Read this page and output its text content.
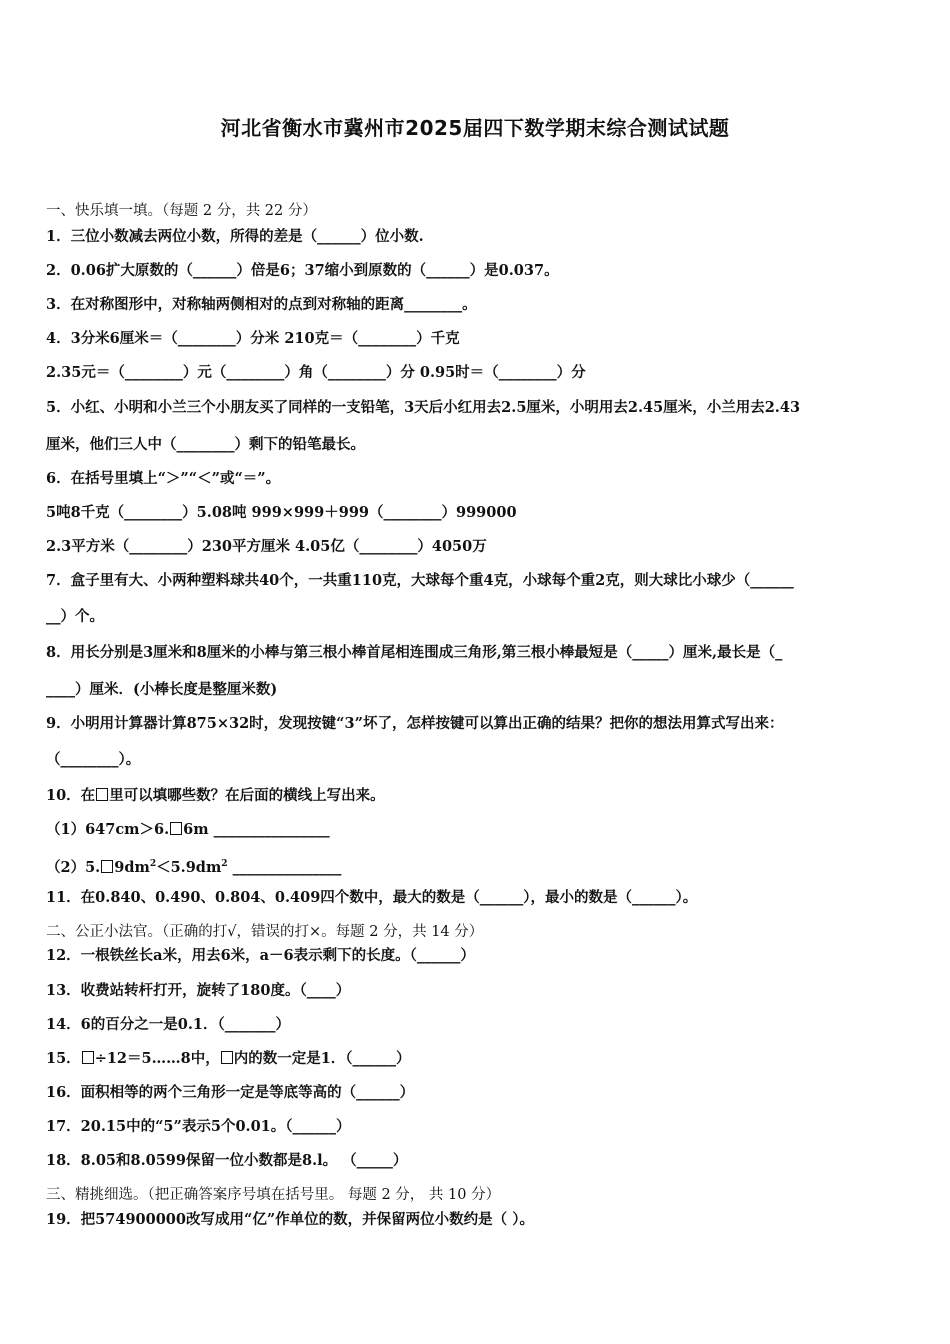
河北省衡水市冀州市2025届四下数学期末综合测试试题
一、快乐填一填。（每题 2 分，共 22 分）
1．三位小数减去两位小数，所得的差是（______）位小数.
2．0.06扩大原数的（______）倍是6；37缩小到原数的（______）是0.037。
3．在对称图形中，对称轴两侧相对的点到对称轴的距离________。
4．3分米6厘米＝（________）分米 210克＝（________）千克
2.35元＝（________）元（________）角（________）分 0.95时＝（________）分
5．小红、小明和小兰三个小朋友买了同样的一支铅笔，3天后小红用去2.5厘米，小明用去2.45厘米，小兰用去2.43
厘米，他们三人中（________）剩下的铅笔最长。
6．在括号里填上“＞”“＜”或“＝”。
5吨8千克（________）5.08吨 999×999＋999（________）999000
2.3平方米（________）230平方厘米 4.05亿（________）4050万
7．盒子里有大、小两种塑料球共40个，一共重110克，大球每个重4克，小球每个重2克，则大球比小球少（______
__）个。
8．用长分别是3厘米和8厘米的小棒与第三根小棒首尾相连围成三角形,第三根小棒最短是（_____）厘米,最长是（_
____）厘米．(小棒长度是整厘米数)
9．小明用计算器计算875×32时，发现按键“3”坏了，怎样按键可以算出正确的结果？把你的想法用算式写出来：
（________）。
10．在 里可以填哪些数？在后面的横线上写出来。
（1）647cm＞6. 6m ________________
（2）5. $9dm^2<5.9dm^2$ _______________
11．在0.840、0.490、0.804、0.409四个数中，最大的数是（______），最小的数是（______）。
二、公正小法官。（正确的打√，错误的打×。每题 2 分，共 14 分）
12．一根铁丝长a米，用去6米，a－6表示剩下的长度。（______）
13．收费站转杆打开，旋转了180度。（____）
14．6的百分之一是0.1．（_______）
15． ÷12＝5……8中， 内的数一定是1．（______）
16．面积相等的两个三角形一定是等底等高的（______）
17．20.15中的“5”表示5个0.01。（______）
18．8.05和8.0599保留一位小数都是8.l。 （_____）
三、精挑细选。（把正确答案序号填在括号里。 每题 2 分， 共 10 分）
19．把574900000改写成用“亿”作单位的数，并保留两位小数约是（ ）。
